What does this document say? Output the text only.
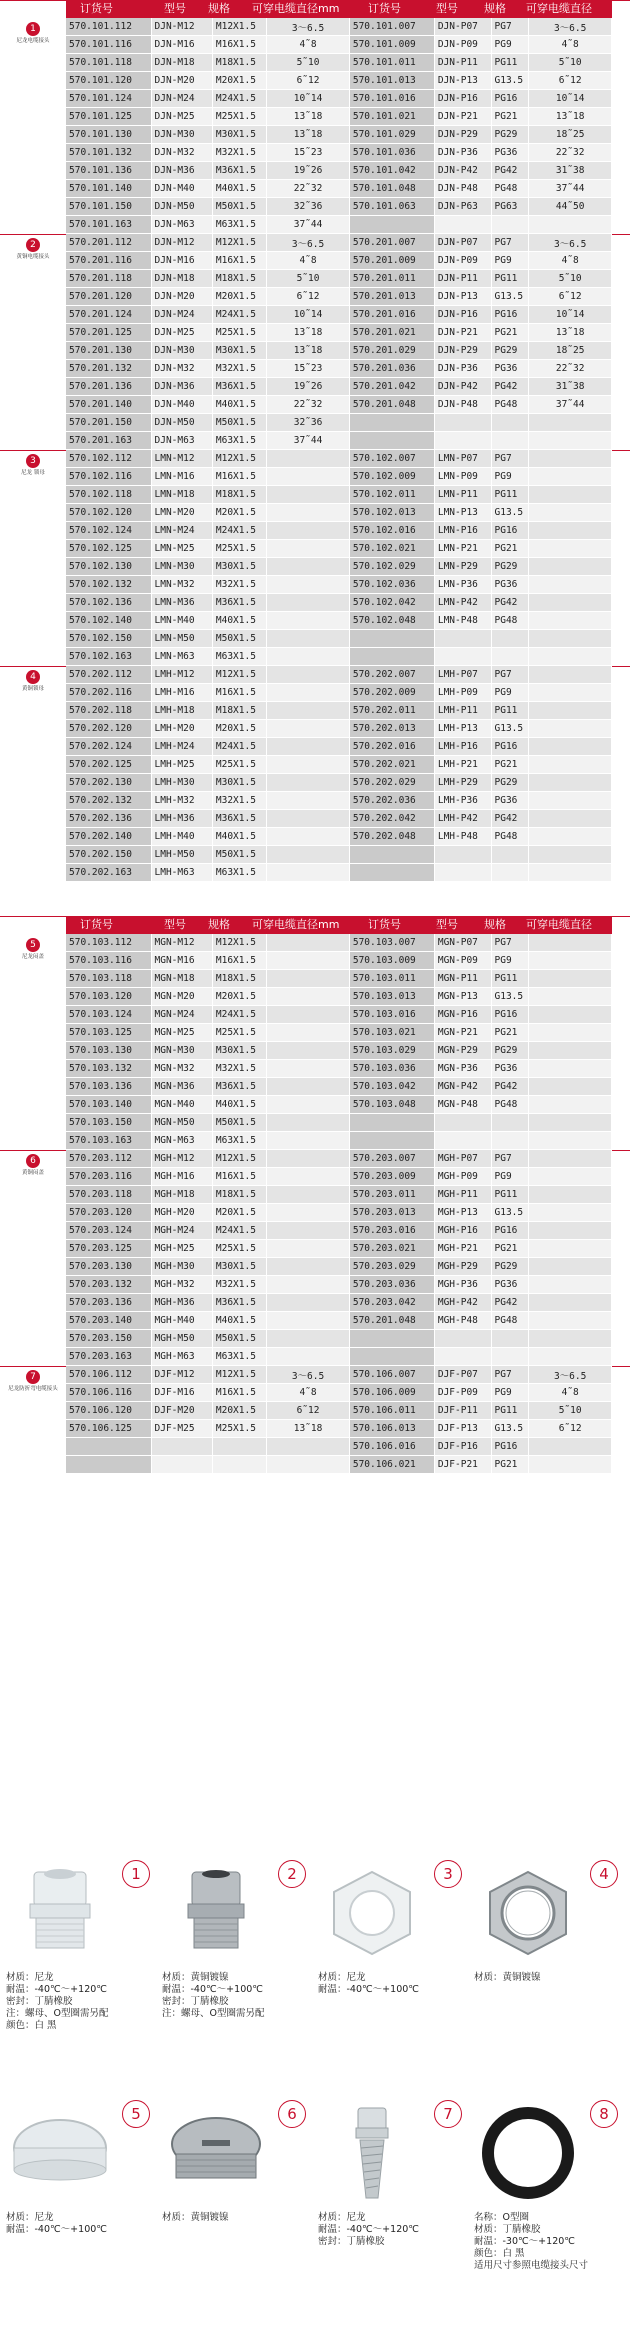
1
尼龙电缆接头
订货号	型号 规格 可穿电缆直径mm	订货号	型号 规格 可穿电缆直径
570.101.112	DJN-M12	M12X1.5	3～6.5	570.101.007	DJN-P07	PG7	3～6.5
570.101.116	DJN-M16	M16X1.5	4˜8	570.101.009	DJN-P09	PG9	4˜8
570.101.118	DJN-M18	M18X1.5	5˜10	570.101.011	DJN-P11	PG11	5˜10
570.101.120	DJN-M20	M20X1.5	6˜12	570.101.013	DJN-P13	G13.5	6˜12
570.101.124	DJN-M24	M24X1.5	10˜14	570.101.016	DJN-P16	PG16	10˜14
570.101.125	DJN-M25	M25X1.5	13˜18	570.101.021	DJN-P21	PG21	13˜18
570.101.130	DJN-M30	M30X1.5	13˜18	570.101.029	DJN-P29	PG29	18˜25
570.101.132	DJN-M32	M32X1.5	15˜23	570.101.036	DJN-P36	PG36	22˜32
570.101.136	DJN-M36	M36X1.5	19˜26	570.101.042	DJN-P42	PG42	31˜38
570.101.140	DJN-M40	M40X1.5	22˜32	570.101.048	DJN-P48	PG48	37˜44
570.101.150	DJN-M50	M50X1.5	32˜36	570.101.063	DJN-P63	PG63	44˜50
570.101.163	DJN-M63	M63X1.5	37˜44				
2
黄铜电缆接头
570.201.112	DJN-M12	M12X1.5	3～6.5	570.201.007	DJN-P07	PG7	3～6.5
570.201.116	DJN-M16	M16X1.5	4˜8	570.201.009	DJN-P09	PG9	4˜8
570.201.118	DJN-M18	M18X1.5	5˜10	570.201.011	DJN-P11	PG11	5˜10
570.201.120	DJN-M20	M20X1.5	6˜12	570.201.013	DJN-P13	G13.5	6˜12
570.201.124	DJN-M24	M24X1.5	10˜14	570.201.016	DJN-P16	PG16	10˜14
570.201.125	DJN-M25	M25X1.5	13˜18	570.201.021	DJN-P21	PG21	13˜18
570.201.130	DJN-M30	M30X1.5	13˜18	570.201.029	DJN-P29	PG29	18˜25
570.201.132	DJN-M32	M32X1.5	15˜23	570.201.036	DJN-P36	PG36	22˜32
570.201.136	DJN-M36	M36X1.5	19˜26	570.201.042	DJN-P42	PG42	31˜38
570.201.140	DJN-M40	M40X1.5	22˜32	570.201.048	DJN-P48	PG48	37˜44
570.201.150	DJN-M50	M50X1.5	32˜36				
570.201.163	DJN-M63	M63X1.5	37˜44				
3
尼龙 锁母
570.102.112	LMN-M12	M12X1.5		570.102.007	LMN-P07	PG7	
570.102.116	LMN-M16	M16X1.5		570.102.009	LMN-P09	PG9	
570.102.118	LMN-M18	M18X1.5		570.102.011	LMN-P11	PG11	
570.102.120	LMN-M20	M20X1.5		570.102.013	LMN-P13	G13.5	
570.102.124	LMN-M24	M24X1.5		570.102.016	LMN-P16	PG16	
570.102.125	LMN-M25	M25X1.5		570.102.021	LMN-P21	PG21	
570.102.130	LMN-M30	M30X1.5		570.102.029	LMN-P29	PG29	
570.102.132	LMN-M32	M32X1.5		570.102.036	LMN-P36	PG36	
570.102.136	LMN-M36	M36X1.5		570.102.042	LMN-P42	PG42	
570.102.140	LMN-M40	M40X1.5		570.102.048	LMN-P48	PG48	
570.102.150	LMN-M50	M50X1.5					
570.102.163	LMN-M63	M63X1.5					
4
黄铜锁母
570.202.112	LMH-M12	M12X1.5		570.202.007	LMH-P07	PG7	
570.202.116	LMH-M16	M16X1.5		570.202.009	LMH-P09	PG9	
570.202.118	LMH-M18	M18X1.5		570.202.011	LMH-P11	PG11	
570.202.120	LMH-M20	M20X1.5		570.202.013	LMH-P13	G13.5	
570.202.124	LMH-M24	M24X1.5		570.202.016	LMH-P16	PG16	
570.202.125	LMH-M25	M25X1.5		570.202.021	LMH-P21	PG21	
570.202.130	LMH-M30	M30X1.5		570.202.029	LMH-P29	PG29	
570.202.132	LMH-M32	M32X1.5		570.202.036	LMH-P36	PG36	
570.202.136	LMH-M36	M36X1.5		570.202.042	LMH-P42	PG42	
570.202.140	LMH-M40	M40X1.5		570.202.048	LMH-P48	PG48	
570.202.150	LMH-M50	M50X1.5					
570.202.163	LMH-M63	M63X1.5					
5
尼龙闷盖
订货号	型号 规格 可穿电缆直径mm	订货号	型号 规格 可穿电缆直径
570.103.112	MGN-M12	M12X1.5		570.103.007	MGN-P07	PG7	
570.103.116	MGN-M16	M16X1.5		570.103.009	MGN-P09	PG9	
570.103.118	MGN-M18	M18X1.5		570.103.011	MGN-P11	PG11	
570.103.120	MGN-M20	M20X1.5		570.103.013	MGN-P13	G13.5	
570.103.124	MGN-M24	M24X1.5		570.103.016	MGN-P16	PG16	
570.103.125	MGN-M25	M25X1.5		570.103.021	MGN-P21	PG21	
570.103.130	MGN-M30	M30X1.5		570.103.029	MGN-P29	PG29	
570.103.132	MGN-M32	M32X1.5		570.103.036	MGN-P36	PG36	
570.103.136	MGN-M36	M36X1.5		570.103.042	MGN-P42	PG42	
570.103.140	MGN-M40	M40X1.5		570.103.048	MGN-P48	PG48	
570.103.150	MGN-M50	M50X1.5					
570.103.163	MGN-M63	M63X1.5					
6
黄铜闷盖
570.203.112	MGH-M12	M12X1.5		570.203.007	MGH-P07	PG7	
570.203.116	MGH-M16	M16X1.5		570.203.009	MGH-P09	PG9	
570.203.118	MGH-M18	M18X1.5		570.203.011	MGH-P11	PG11	
570.203.120	MGH-M20	M20X1.5		570.203.013	MGH-P13	G13.5	
570.203.124	MGH-M24	M24X1.5		570.203.016	MGH-P16	PG16	
570.203.125	MGH-M25	M25X1.5		570.203.021	MGH-P21	PG21	
570.203.130	MGH-M30	M30X1.5		570.203.029	MGH-P29	PG29	
570.203.132	MGH-M32	M32X1.5		570.203.036	MGH-P36	PG36	
570.203.136	MGH-M36	M36X1.5		570.203.042	MGH-P42	PG42	
570.203.140	MGH-M40	M40X1.5		570.201.048	MGH-P48	PG48	
570.203.150	MGH-M50	M50X1.5					
570.203.163	MGH-M63	M63X1.5					
7
尼龙防折弯电缆接头
570.106.112	DJF-M12	M12X1.5	3～6.5	570.106.007	DJF-P07	PG7	3～6.5
570.106.116	DJF-M16	M16X1.5	4˜8	570.106.009	DJF-P09	PG9	4˜8
570.106.120	DJF-M20	M20X1.5	6˜12	570.106.011	DJF-P11	PG11	5˜10
570.106.125	DJF-M25	M25X1.5	13˜18	570.106.013	DJF-P13	G13.5	6˜12
				570.106.016	DJF-P16	PG16	
				570.106.021	DJF-P21	PG21	
1
材质：尼龙
耐温：-40℃～+120℃
密封：丁腈橡胶
注：螺母、O型圈需另配
颜色：白 黑
2
材质：黄铜镀镍
耐温：-40℃～+100℃
密封：丁腈橡胶
注：螺母、O型圈需另配
3
材质：尼龙
耐温：-40℃～+100℃
4
材质：黄铜镀镍
5
材质：尼龙
耐温：-40℃～+100℃
6
材质：黄铜镀镍
7
材质：尼龙
耐温：-40℃～+120℃
密封：丁腈橡胶
8
名称：O型圈
材质：丁腈橡胶
耐温：-30℃～+120℃
颜色：白 黑
适用尺寸参照电缆接头尺寸
